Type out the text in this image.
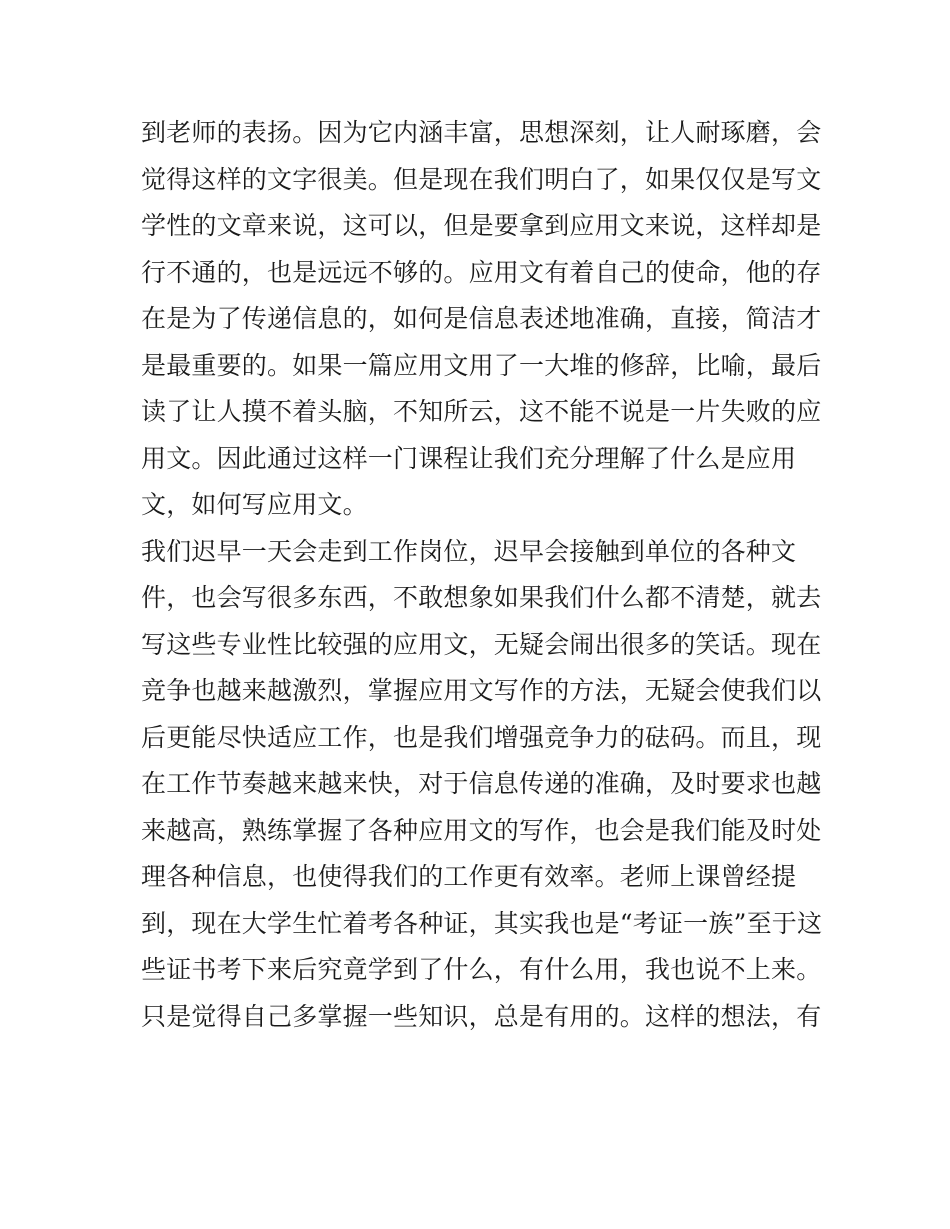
到老师的表扬。因为它内涵丰富，思想深刻，让人耐琢磨，会
觉得这样的文字很美。但是现在我们明白了，如果仅仅是写文
学性的文章来说，这可以，但是要拿到应用文来说，这样却是
行不通的，也是远远不够的。应用文有着自己的使命，他的存
在是为了传递信息的，如何是信息表述地准确，直接，简洁才
是最重要的。如果一篇应用文用了一大堆的修辞，比喻，最后
读了让人摸不着头脑，不知所云，这不能不说是一片失败的应
用文。因此通过这样一门课程让我们充分理解了什么是应用
文，如何写应用文。
我们迟早一天会走到工作岗位，迟早会接触到单位的各种文
件，也会写很多东西，不敢想象如果我们什么都不清楚，就去
写这些专业性比较强的应用文，无疑会闹出很多的笑话。现在
竞争也越来越激烈，掌握应用文写作的方法，无疑会使我们以
后更能尽快适应工作，也是我们增强竞争力的砝码。而且，现
在工作节奏越来越来快，对于信息传递的准确，及时要求也越
来越高，熟练掌握了各种应用文的写作，也会是我们能及时处
理各种信息，也使得我们的工作更有效率。老师上课曾经提
到，现在大学生忙着考各种证，其实我也是“考证一族”至于这
些证书考下来后究竟学到了什么，有什么用，我也说不上来。
只是觉得自己多掌握一些知识，总是有用的。这样的想法，有
